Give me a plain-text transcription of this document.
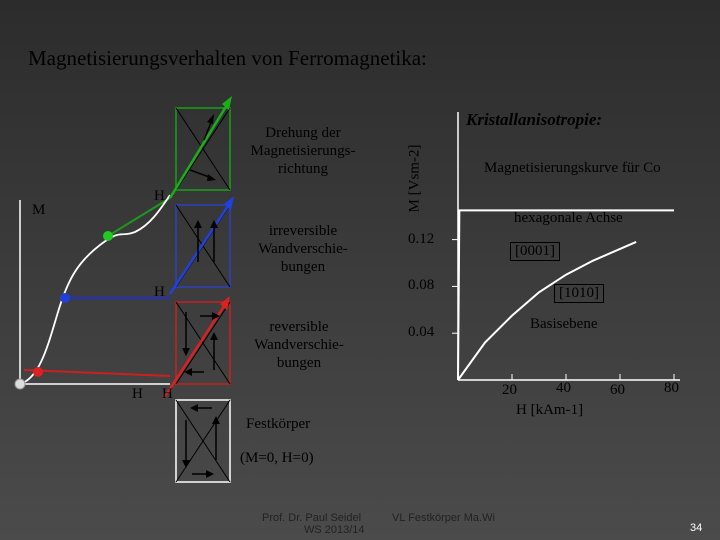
Magnetisierungsverhalten von Ferromagnetika:
M
H
H
H H
Drehung der Magnetisierungs-richtung
irreversible Wandverschie-bungen
reversible Wandverschie-bungen
Festkörper
(M=0, H=0)
Kristallanisotropie:
Magnetisierungskurve für Co
hexagonale Achse
[0001]
[1010]
Basisebene
M [Vsm-2]
H [kAm-1]
20	40	60	80
0.04
0.08
0.12
Prof. Dr. Paul Seidel	VL Festkörper Ma.Wi
WS 2013/14	34
